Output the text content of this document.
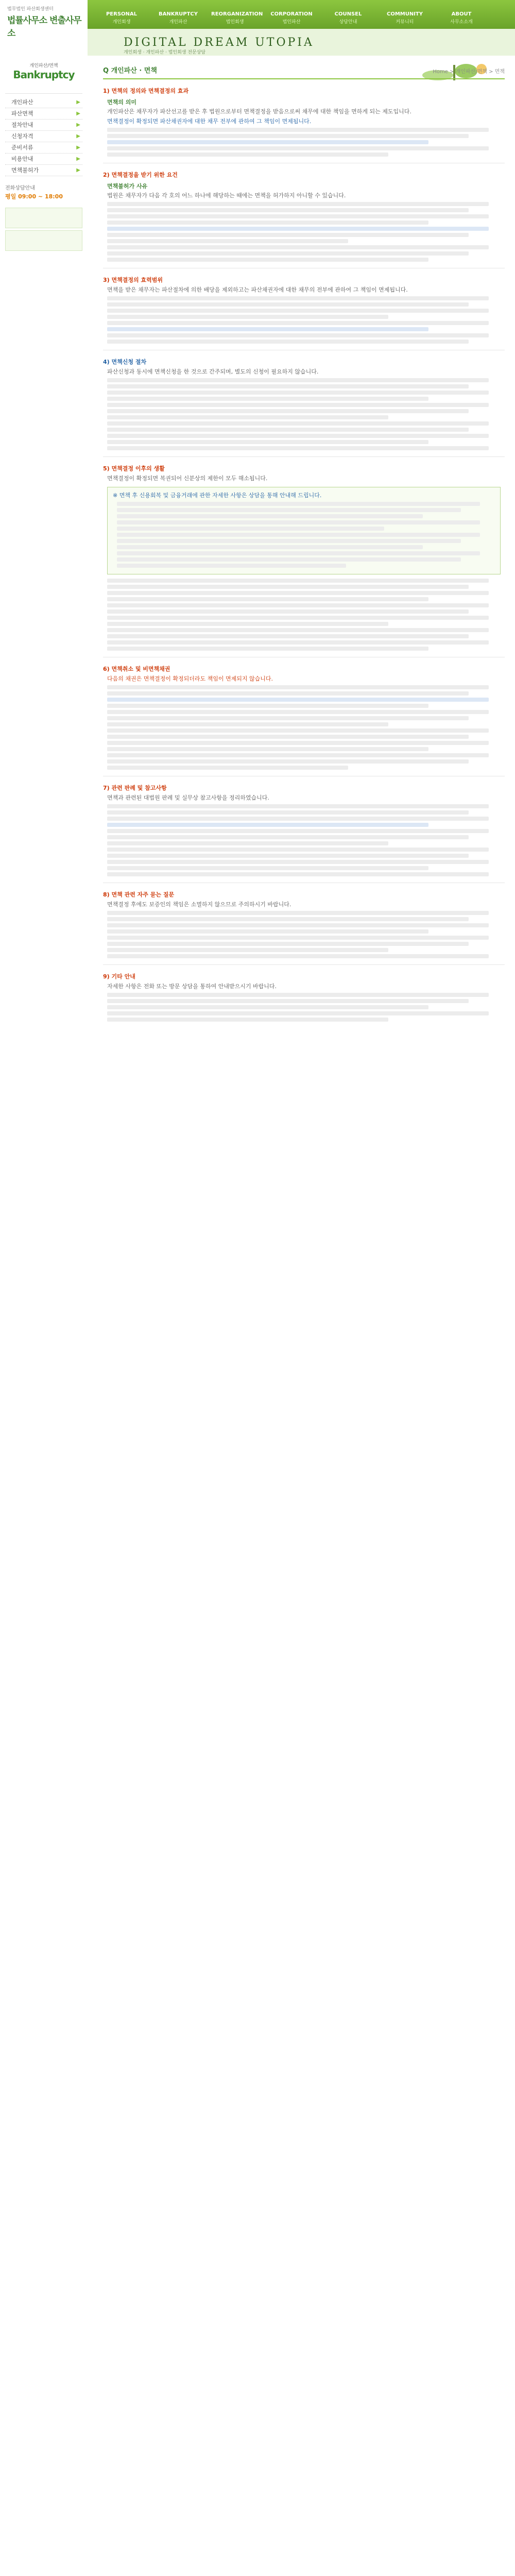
법무법인 파산회생센터
법률사무소 변출사무소
PERSONAL
개인회생
BANKRUPTCY
개인파산
REORGANIZATION
법인회생
CORPORATION
법인파산
COUNSEL
상담안내
COMMUNITY
커뮤니티
ABOUT
사무소소개
DIGITAL DREAM UTOPIA
개인회생 · 개인파산 · 법인회생 전문상담
개인파산/면책
Bankruptcy
개인파산	▶
파산면책	▶
절차안내	▶
신청자격	▶
준비서류	▶
비용안내	▶
면책불허가	▶
전화상담안내
평일 09:00 ~ 18:00
Q 개인파산 · 면책	Home > 개인파산/면책 > 면책
1) 면책의 정의와 면책결정의 효과
면책의 의미
개인파산은 채무자가 파산선고를 받은 후 법원으로부터 면책결정을 받음으로써 채무에 대한 책임을 면하게 되는 제도입니다.
면책결정이 확정되면 파산채권자에 대한 채무 전부에 관하여 그 책임이 면제됩니다.
2) 면책결정을 받기 위한 요건
면책불허가 사유
법원은 채무자가 다음 각 호의 어느 하나에 해당하는 때에는 면책을 허가하지 아니할 수 있습니다.
3) 면책결정의 효력범위
면책을 받은 채무자는 파산절차에 의한 배당을 제외하고는 파산채권자에 대한 채무의 전부에 관하여 그 책임이 면제됩니다.
4) 면책신청 절차
파산신청과 동시에 면책신청을 한 것으로 간주되며, 별도의 신청이 필요하지 않습니다.
5) 면책결정 이후의 생활
면책결정이 확정되면 복권되어 신분상의 제한이 모두 해소됩니다.
※ 면책 후 신용회복 및 금융거래에 관한 자세한 사항은 상담을 통해 안내해 드립니다.
6) 면책취소 및 비면책채권
다음의 채권은 면책결정이 확정되더라도 책임이 면제되지 않습니다.
7) 관련 판례 및 참고사항
면책과 관련된 대법원 판례 및 실무상 참고사항을 정리하였습니다.
8) 면책 관련 자주 묻는 질문
면책결정 후에도 보증인의 책임은 소멸하지 않으므로 주의하시기 바랍니다.
9) 기타 안내
자세한 사항은 전화 또는 방문 상담을 통하여 안내받으시기 바랍니다.
